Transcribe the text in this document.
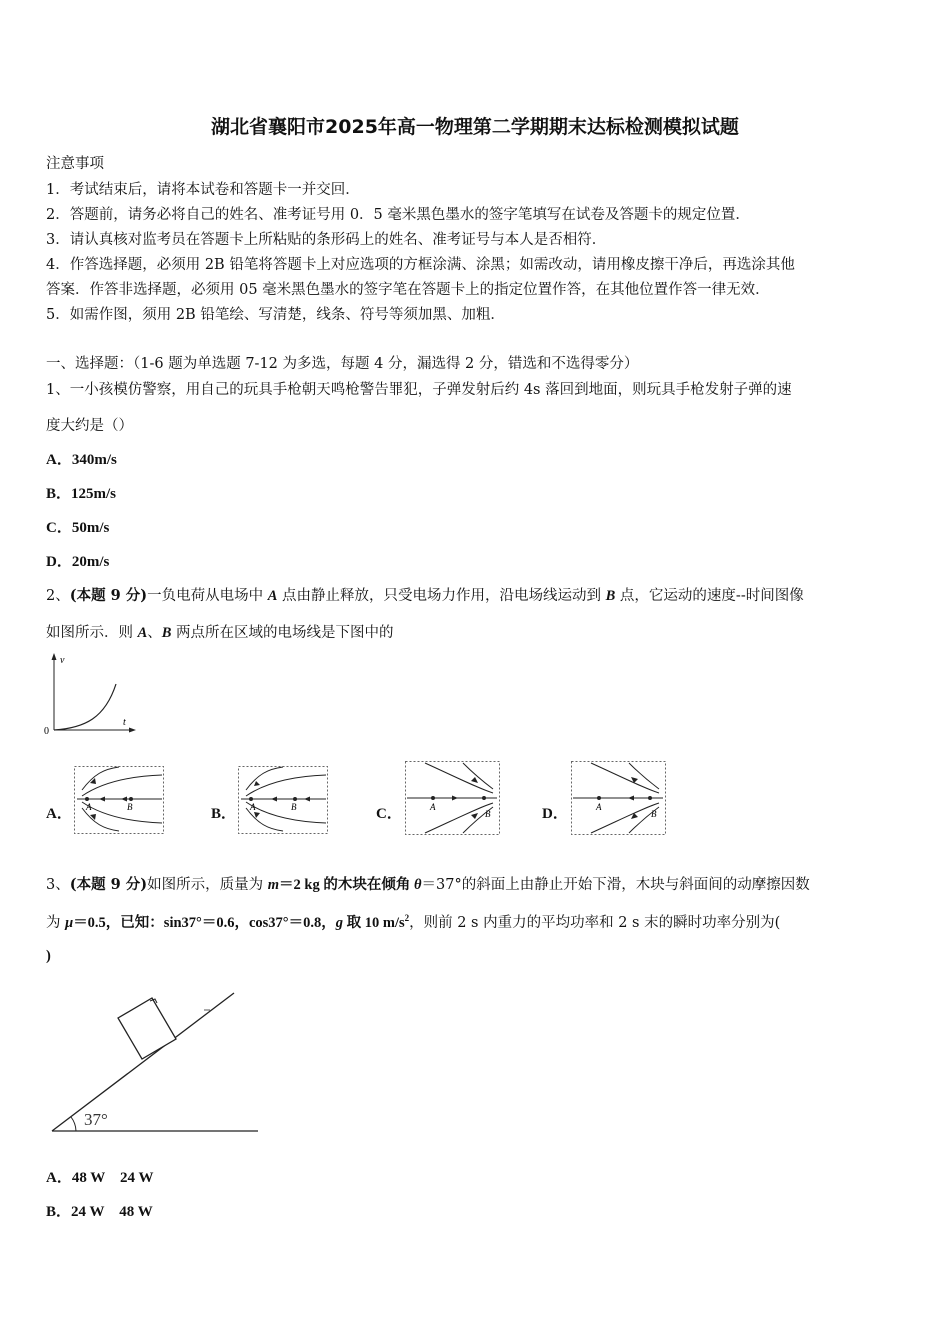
湖北省襄阳市2025年高一物理第二学期期末达标检测模拟试题
注意事项
1．考试结束后，请将本试卷和答题卡一并交回．
2．答题前，请务必将自己的姓名、准考证号用 0．5 毫米黑色墨水的签字笔填写在试卷及答题卡的规定位置．
3．请认真核对监考员在答题卡上所粘贴的条形码上的姓名、准考证号与本人是否相符．
4．作答选择题，必须用 2B 铅笔将答题卡上对应选项的方框涂满、涂黑；如需改动，请用橡皮擦干净后，再选涂其他
答案．作答非选择题，必须用 05 毫米黑色墨水的签字笔在答题卡上的指定位置作答，在其他位置作答一律无效．
5．如需作图，须用 2B 铅笔绘、写清楚，线条、符号等须加黑、加粗．
一、选择题：（1-6 题为单选题 7-12 为多选，每题 4 分，漏选得 2 分，错选和不选得零分）
1、一小孩模仿警察，用自己的玩具手枪朝天鸣枪警告罪犯，子弹发射后约 4s 落回到地面，则玩具手枪发射子弹的速
度大约是（）
A．340m/s
B．125m/s
C．50m/s
D．20m/s
2、(本题 9 分)一负电荷从电场中 A 点由静止释放，只受电场力作用，沿电场线运动到 B 点，它运动的速度--时间图像
如图所示．则 A、B 两点所在区域的电场线是下图中的
v
t
0
A． A	B	B． A	B	C．	A
B	D．	A
B
3、(本题 9 分)如图所示，质量为 m＝2 kg 的木块在倾角 θ＝37°的斜面上由静止开始下滑，木块与斜面间的动摩擦因数
为 μ＝0.5，已知：sin37°＝0.6，cos37°＝0.8，g 取 10 $m/s^2$，则前 2 s 内重力的平均功率和 2 s 末的瞬时功率分别为(
)
37°
A．48 W　24 W
B．24 W　48 W
